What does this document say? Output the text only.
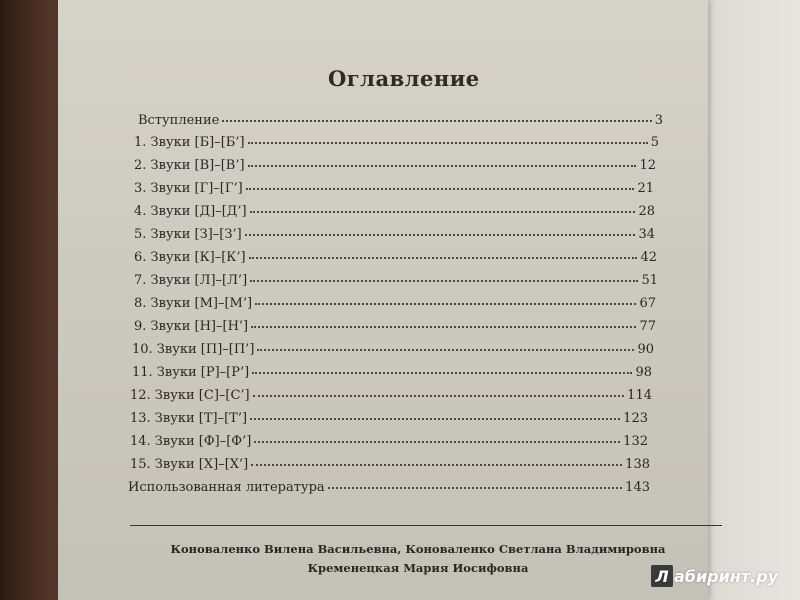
Оглавление
Вступление	3
1. Звуки [Б]–[Б’]	5
2. Звуки [В]–[В’]	12
3. Звуки [Г]–[Г’]	21
4. Звуки [Д]–[Д’]	28
5. Звуки [З]–[З’]	34
6. Звуки [К]–[К’]	42
7. Звуки [Л]–[Л’]	51
8. Звуки [М]–[М’]	67
9. Звуки [Н]–[Н’]	77
10. Звуки [П]–[П’]	90
11. Звуки [Р]–[Р’]	98
12. Звуки [С]–[С’]	114
13. Звуки [Т]–[Т’]	123
14. Звуки [Ф]–[Ф’]	132
15. Звуки [Х]–[Х’]	138
Использованная литература	143
Коноваленко Вилена Васильевна, Коноваленко Светлана Владимировна
Кременецкая Мария Иосифовна	Л абиринт.ру
